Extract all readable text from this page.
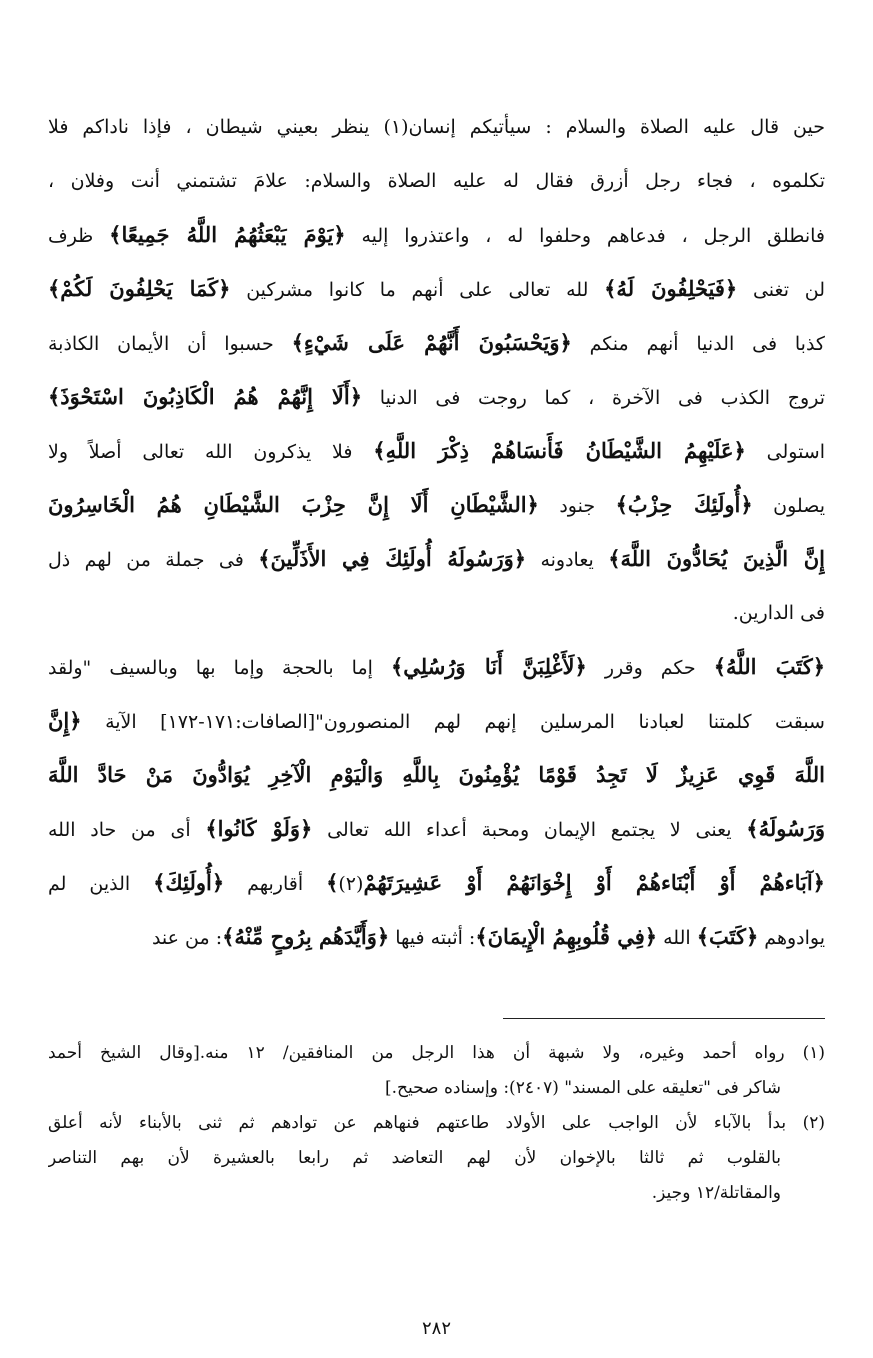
حين قال عليه الصلاة والسلام : سيأتيكم إنسان(١) ينظر بعيني شيطان ، فإذا ناداكم فلا
تكلموه ، فجاء رجل أزرق فقال له عليه الصلاة والسلام: علامَ تشتمني أنت وفلان ،
فانطلق الرجل ، فدعاهم وحلفوا له ، واعتذروا إليه ﴿يَوْمَ يَبْعَثُهُمُ اللَّهُ جَمِيعًا﴾ ظرف
لن تغنى ﴿فَيَحْلِفُونَ لَهُ﴾ لله تعالى على أنهم ما كانوا مشركين ﴿كَمَا يَحْلِفُونَ لَكُمْ﴾
كذبا فى الدنيا أنهم منكم ﴿وَيَحْسَبُونَ أَنَّهُمْ عَلَى شَيْءٍ﴾ حسبوا أن الأيمان الكاذبة
تروج الكذب فى الآخرة ، كما روجت فى الدنيا ﴿أَلَا إِنَّهُمْ هُمُ الْكَاذِبُونَ اسْتَحْوَذَ﴾
استولى ﴿عَلَيْهِمُ الشَّيْطَانُ فَأَنسَاهُمْ ذِكْرَ اللَّهِ﴾ فلا يذكرون الله تعالى أصلاً ولا
يصلون ﴿أُولَئِكَ حِزْبُ﴾ جنود ﴿الشَّيْطَانِ أَلَا إِنَّ حِزْبَ الشَّيْطَانِ هُمُ الْخَاسِرُونَ
إِنَّ الَّذِينَ يُحَادُّونَ اللَّهَ﴾ يعادونه ﴿وَرَسُولَهُ أُولَئِكَ فِي الأَذَلِّينَ﴾ فى جملة من لهم ذل
فى الدارين.
﴿كَتَبَ اللَّهُ﴾ حكم وقرر ﴿لَأَغْلِبَنَّ أَنَا وَرُسُلِي﴾ إما بالحجة وإما بها وبالسيف "ولقد
سبقت كلمتنا لعبادنا المرسلين إنهم لهم المنصورون"[الصافات:١٧١-١٧٢] الآية ﴿إِنَّ
اللَّهَ قَوِي عَزِيزٌ لَا تَجِدُ قَوْمًا يُؤْمِنُونَ بِاللَّهِ وَالْيَوْمِ الْآخِرِ يُوَادُّونَ مَنْ حَادَّ اللَّهَ
وَرَسُولَهُ﴾ يعنى لا يجتمع الإيمان ومحبة أعداء الله تعالى ﴿وَلَوْ كَانُوا﴾ أى من حاد الله
﴿آبَاءهُمْ أَوْ أَبْنَاءهُمْ أَوْ إِخْوَانَهُمْ أَوْ عَشِيرَتَهُمْ(٢)﴾ أقاربهم ﴿أُولَئِكَ﴾ الذين لم
يوادوهم ﴿كَتَبَ﴾ الله ﴿فِي قُلُوبِهِمُ الْإِيمَانَ﴾: أثبته فيها ﴿وَأَيَّدَهُم بِرُوحٍ مِّنْهُ﴾: من عند
(١) رواه أحمد وغيره، ولا شبهة أن هذا الرجل من المنافقين/ ١٢ منه.[وقال الشيخ أحمد
شاكر فى "تعليقه على المسند" (٢٤٠٧): وإسناده صحيح.]
(٢) بدأ بالآباء لأن الواجب على الأولاد طاعتهم فنهاهم عن توادهم ثم ثنى بالأبناء لأنه أعلق
بالقلوب ثم ثالثا بالإخوان لأن لهم التعاضد ثم رابعا بالعشيرة لأن بهم التناصر
والمقاتلة/١٢ وجيز.
٢٨٢
